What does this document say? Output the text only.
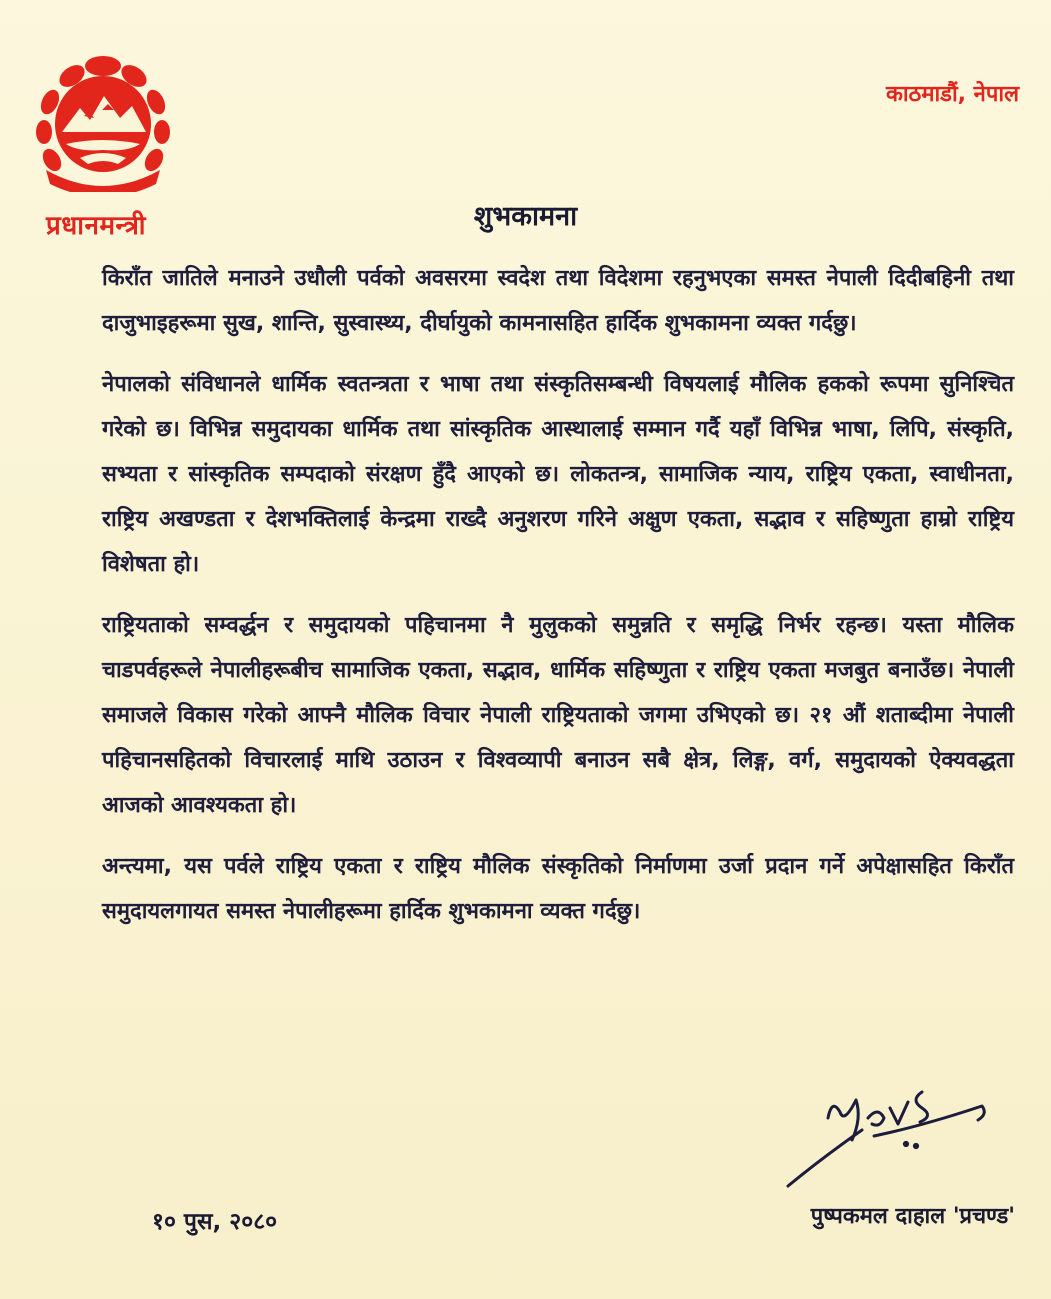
प्रधानमन्त्री
काठमाडौं, नेपाल
शुभकामना

किराँत जातिले मनाउने उधौली पर्वको अवसरमा स्वदेश तथा विदेशमा रहनुभएका समस्त नेपाली दिदीबहिनी तथा दाजुभाइहरूमा सुख, शान्ति, सुस्वास्थ्य, दीर्घायुको कामनासहित हार्दिक शुभकामना व्यक्त गर्दछु।

नेपालको संविधानले धार्मिक स्वतन्त्रता र भाषा तथा संस्कृतिसम्बन्धी विषयलाई मौलिक हकको रूपमा सुनिश्चित गरेको छ। विभिन्न समुदायका धार्मिक तथा सांस्कृतिक आस्थालाई सम्मान गर्दै यहाँ विभिन्न भाषा, लिपि, संस्कृति, सभ्यता र सांस्कृतिक सम्पदाको संरक्षण हुँदै आएको छ। लोकतन्त्र, सामाजिक न्याय, राष्ट्रिय एकता, स्वाधीनता, राष्ट्रिय अखण्डता र देशभक्तिलाई केन्द्रमा राख्दै अनुशरण गरिने अक्षुण एकता, सद्भाव र सहिष्णुता हाम्रो राष्ट्रिय विशेषता हो।

राष्ट्रियताको सम्वर्द्धन र समुदायको पहिचानमा नै मुलुकको समुन्नति र समृद्धि निर्भर रहन्छ। यस्ता मौलिक चाडपर्वहरूले नेपालीहरूबीच सामाजिक एकता, सद्भाव, धार्मिक सहिष्णुता र राष्ट्रिय एकता मजबुत बनाउँछ। नेपाली समाजले विकास गरेको आफ्नै मौलिक विचार नेपाली राष्ट्रियताको जगमा उभिएको छ। २१ औं शताब्दीमा नेपाली पहिचानसहितको विचारलाई माथि उठाउन र विश्वव्यापी बनाउन सबै क्षेत्र, लिङ्ग, वर्ग, समुदायको ऐक्यवद्धता आजको आवश्यकता हो।

अन्त्यमा, यस पर्वले राष्ट्रिय एकता र राष्ट्रिय मौलिक संस्कृतिको निर्माणमा उर्जा प्रदान गर्ने अपेक्षासहित किराँत समुदायलगायत समस्त नेपालीहरूमा हार्दिक शुभकामना व्यक्त गर्दछु।

१० पुस, २०८०	पुष्पकमल दाहाल 'प्रचण्ड'
